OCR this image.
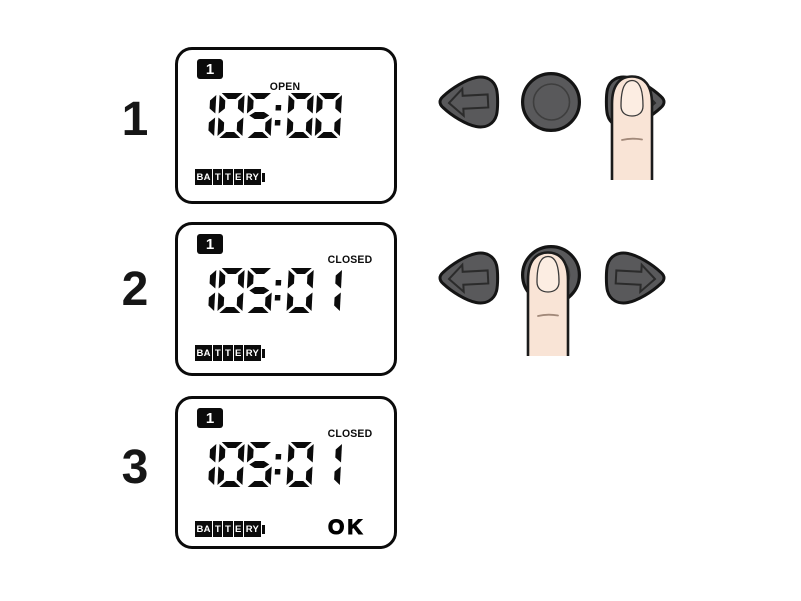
1
1
OPEN
BA T T E RY
2
1
CLOSED
BA T T E RY
3
1
CLOSED
BA T T E RY	OK
